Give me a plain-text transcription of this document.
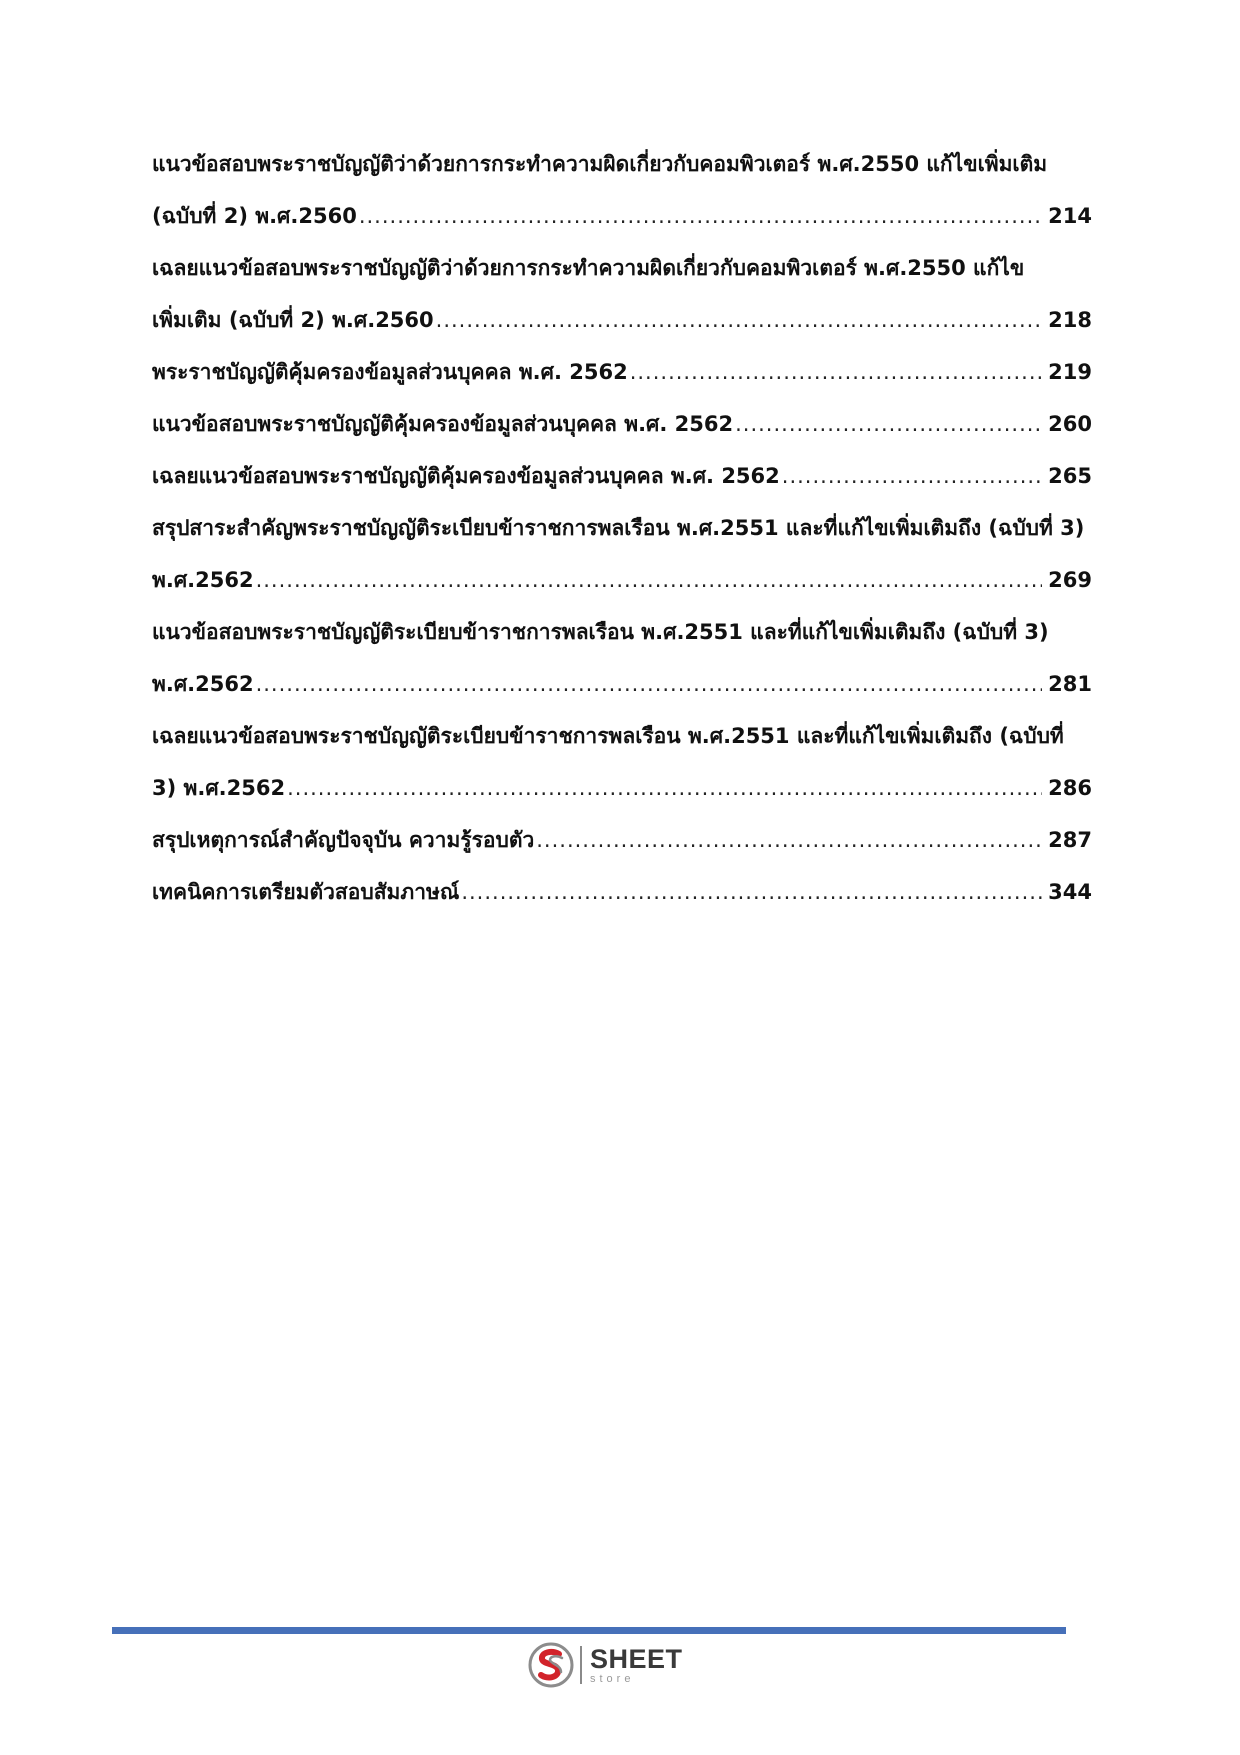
แนวข้อสอบพระราชบัญญัติว่าด้วยการกระทำความผิดเกี่ยวกับคอมพิวเตอร์ พ.ศ.2550 แก้ไขเพิ่มเติม
(ฉบับที่ 2) พ.ศ.2560 .....	214
เฉลยแนวข้อสอบพระราชบัญญัติว่าด้วยการกระทำความผิดเกี่ยวกับคอมพิวเตอร์ พ.ศ.2550 แก้ไข
เพิ่มเติม (ฉบับที่ 2) พ.ศ.2560 .....	218
พระราชบัญญัติคุ้มครองข้อมูลส่วนบุคคล พ.ศ. 2562 .....	219
แนวข้อสอบพระราชบัญญัติคุ้มครองข้อมูลส่วนบุคคล พ.ศ. 2562 .....	260
เฉลยแนวข้อสอบพระราชบัญญัติคุ้มครองข้อมูลส่วนบุคคล พ.ศ. 2562 .....	265
สรุปสาระสำคัญพระราชบัญญัติระเบียบข้าราชการพลเรือน พ.ศ.2551 และที่แก้ไขเพิ่มเติมถึง (ฉบับที่ 3)
พ.ศ.2562 .....	269
แนวข้อสอบพระราชบัญญัติระเบียบข้าราชการพลเรือน พ.ศ.2551 และที่แก้ไขเพิ่มเติมถึง (ฉบับที่ 3)
พ.ศ.2562 .....	281
เฉลยแนวข้อสอบพระราชบัญญัติระเบียบข้าราชการพลเรือน พ.ศ.2551 และที่แก้ไขเพิ่มเติมถึง (ฉบับที่
3) พ.ศ.2562 .....	286
สรุปเหตุการณ์สำคัญปัจจุบัน ความรู้รอบตัว .....	287
เทคนิคการเตรียมตัวสอบสัมภาษณ์ .....	344
SHEET
store
